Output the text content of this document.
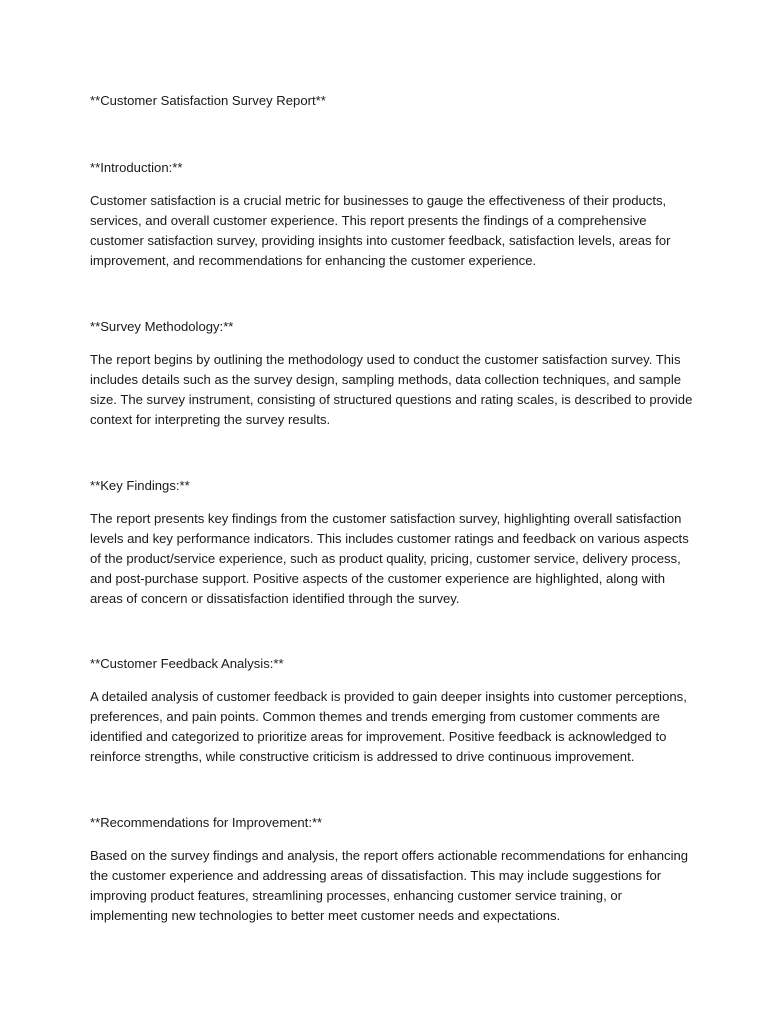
**Customer Satisfaction Survey Report**
**Introduction:**

Customer satisfaction is a crucial metric for businesses to gauge the effectiveness of their products,

services, and overall customer experience. This report presents the findings of a comprehensive

customer satisfaction survey, providing insights into customer feedback, satisfaction levels, areas for

improvement, and recommendations for enhancing the customer experience.

**Survey Methodology:**

The report begins by outlining the methodology used to conduct the customer satisfaction survey. This

includes details such as the survey design, sampling methods, data collection techniques, and sample

size. The survey instrument, consisting of structured questions and rating scales, is described to provide

context for interpreting the survey results.

**Key Findings:**

The report presents key findings from the customer satisfaction survey, highlighting overall satisfaction

levels and key performance indicators. This includes customer ratings and feedback on various aspects

of the product/service experience, such as product quality, pricing, customer service, delivery process,

and post-purchase support. Positive aspects of the customer experience are highlighted, along with

areas of concern or dissatisfaction identified through the survey.

**Customer Feedback Analysis:**

A detailed analysis of customer feedback is provided to gain deeper insights into customer perceptions,

preferences, and pain points. Common themes and trends emerging from customer comments are

identified and categorized to prioritize areas for improvement. Positive feedback is acknowledged to

reinforce strengths, while constructive criticism is addressed to drive continuous improvement.

**Recommendations for Improvement:**

Based on the survey findings and analysis, the report offers actionable recommendations for enhancing

the customer experience and addressing areas of dissatisfaction. This may include suggestions for

improving product features, streamlining processes, enhancing customer service training, or

implementing new technologies to better meet customer needs and expectations.
